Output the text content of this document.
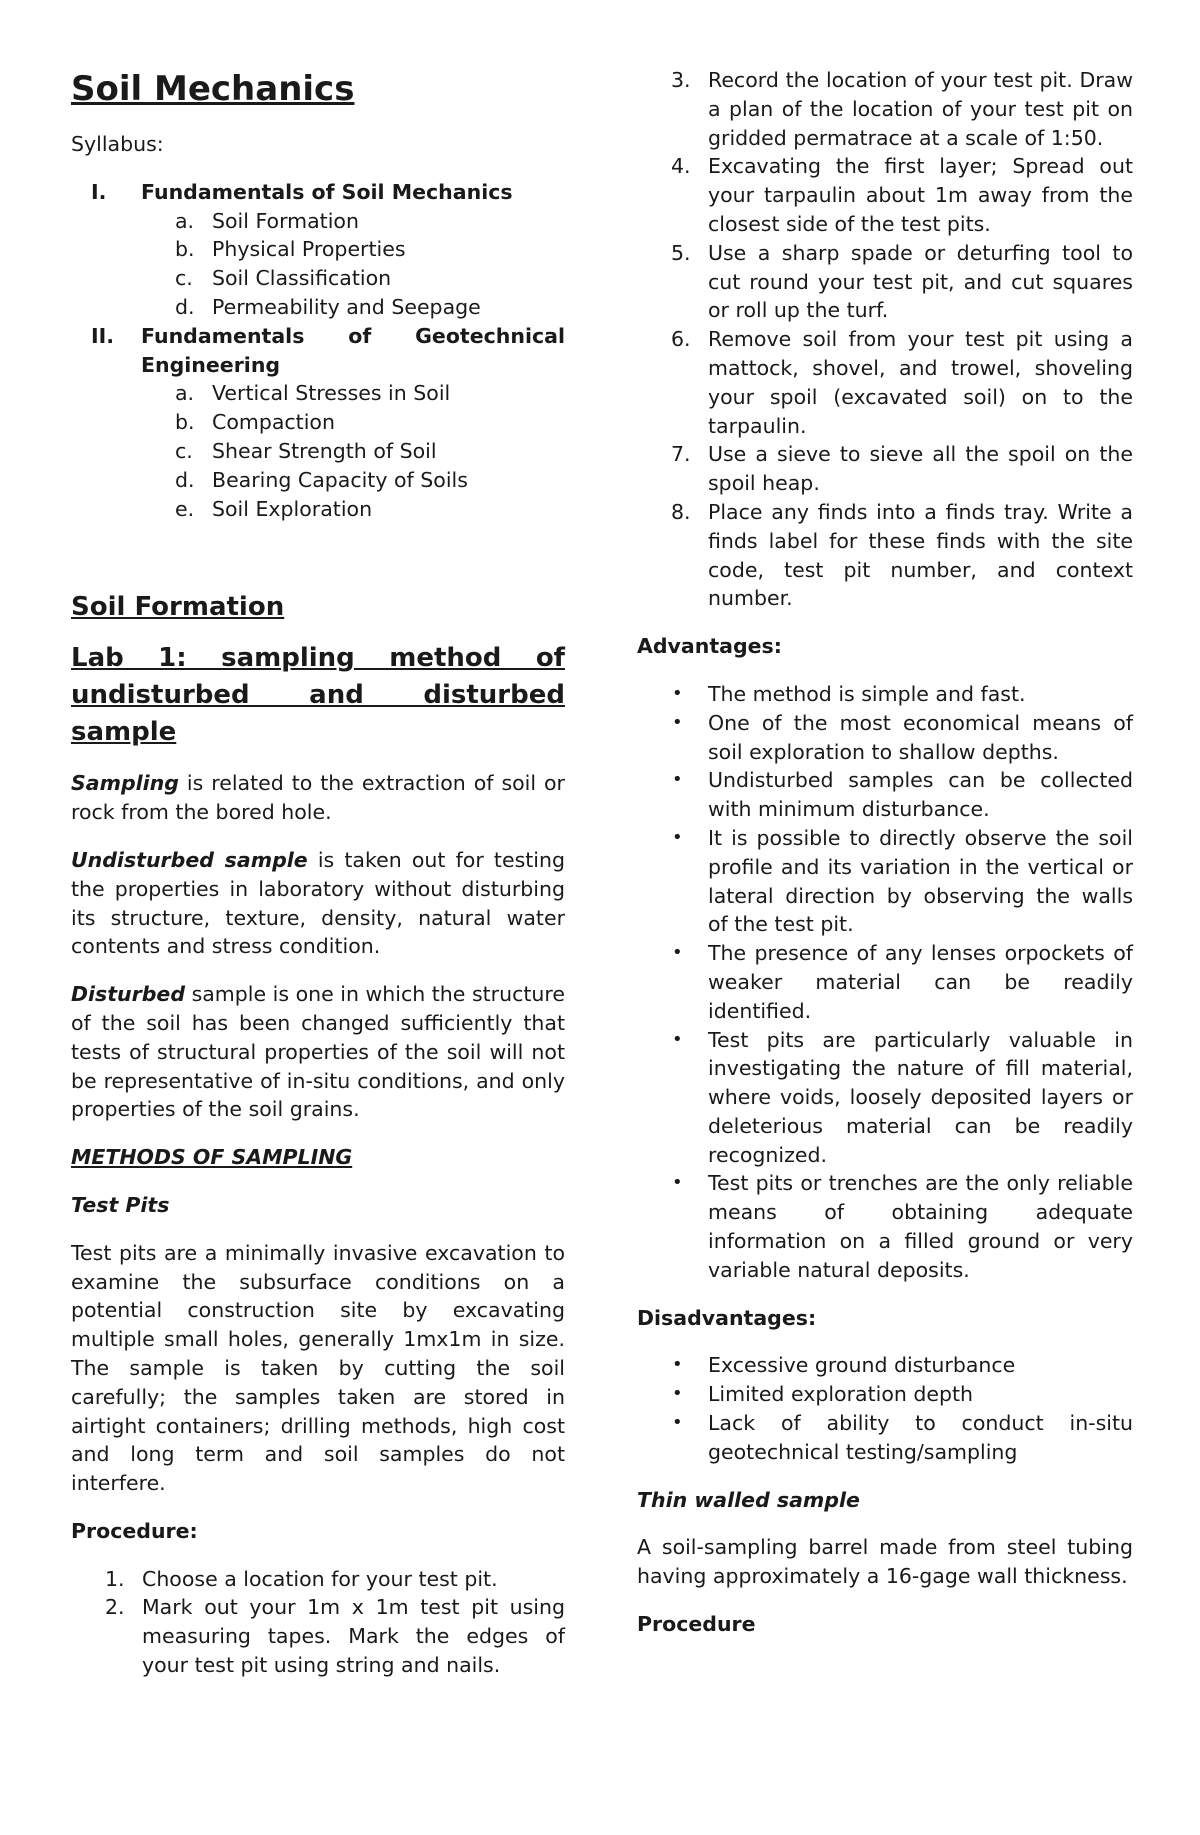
Soil Mechanics

Syllabus:

I. Fundamentals of Soil Mechanics
a. Soil Formation
b. Physical Properties
c. Soil Classification
d. Permeability and Seepage
II. Fundamentals of Geotechnical Engineering
a. Vertical Stresses in Soil
b. Compaction
c. Shear Strength of Soil
d. Bearing Capacity of Soils
e. Soil Exploration
Soil Formation
Lab 1: sampling method of undisturbed and disturbed sample

Sampling is related to the extraction of soil or rock from the bored hole.

Undisturbed sample is taken out for testing the properties in laboratory without disturbing its structure, texture, density, natural water contents and stress condition.

Disturbed sample is one in which the structure of the soil has been changed sufficiently that tests of structural properties of the soil will not be representative of in-situ conditions, and only properties of the soil grains.

METHODS OF SAMPLING

Test Pits

Test pits are a minimally invasive excavation to examine the subsurface conditions on a potential construction site by excavating multiple small holes, generally 1mx1m in size. The sample is taken by cutting the soil carefully; the samples taken are stored in airtight containers; drilling methods, high cost and long term and soil samples do not interfere.

Procedure:

1. Choose a location for your test pit.
2. Mark out your 1m x 1m test pit using measuring tapes. Mark the edges of your test pit using string and nails.
3. Record the location of your test pit. Draw a plan of the location of your test pit on gridded permatrace at a scale of 1:50.
4. Excavating the first layer; Spread out your tarpaulin about 1m away from the closest side of the test pits.
5. Use a sharp spade or deturfing tool to cut round your test pit, and cut squares or roll up the turf.
6. Remove soil from your test pit using a mattock, shovel, and trowel, shoveling your spoil (excavated soil) on to the tarpaulin.
7. Use a sieve to sieve all the spoil on the spoil heap.
8. Place any finds into a finds tray. Write a finds label for these finds with the site code, test pit number, and context number.

Advantages:

• The method is simple and fast.
• One of the most economical means of soil exploration to shallow depths.
• Undisturbed samples can be collected with minimum disturbance.
• It is possible to directly observe the soil profile and its variation in the vertical or lateral direction by observing the walls of the test pit.
• The presence of any lenses orpockets of weaker material can be readily identified.
• Test pits are particularly valuable in investigating the nature of fill material, where voids, loosely deposited layers or deleterious material can be readily recognized.
• Test pits or trenches are the only reliable means of obtaining adequate information on a filled ground or very variable natural deposits.

Disadvantages:

• Excessive ground disturbance
• Limited exploration depth
• Lack of ability to conduct in-situ geotechnical testing/sampling

Thin walled sample

A soil-sampling barrel made from steel tubing having approximately a 16-gage wall thickness.

Procedure
